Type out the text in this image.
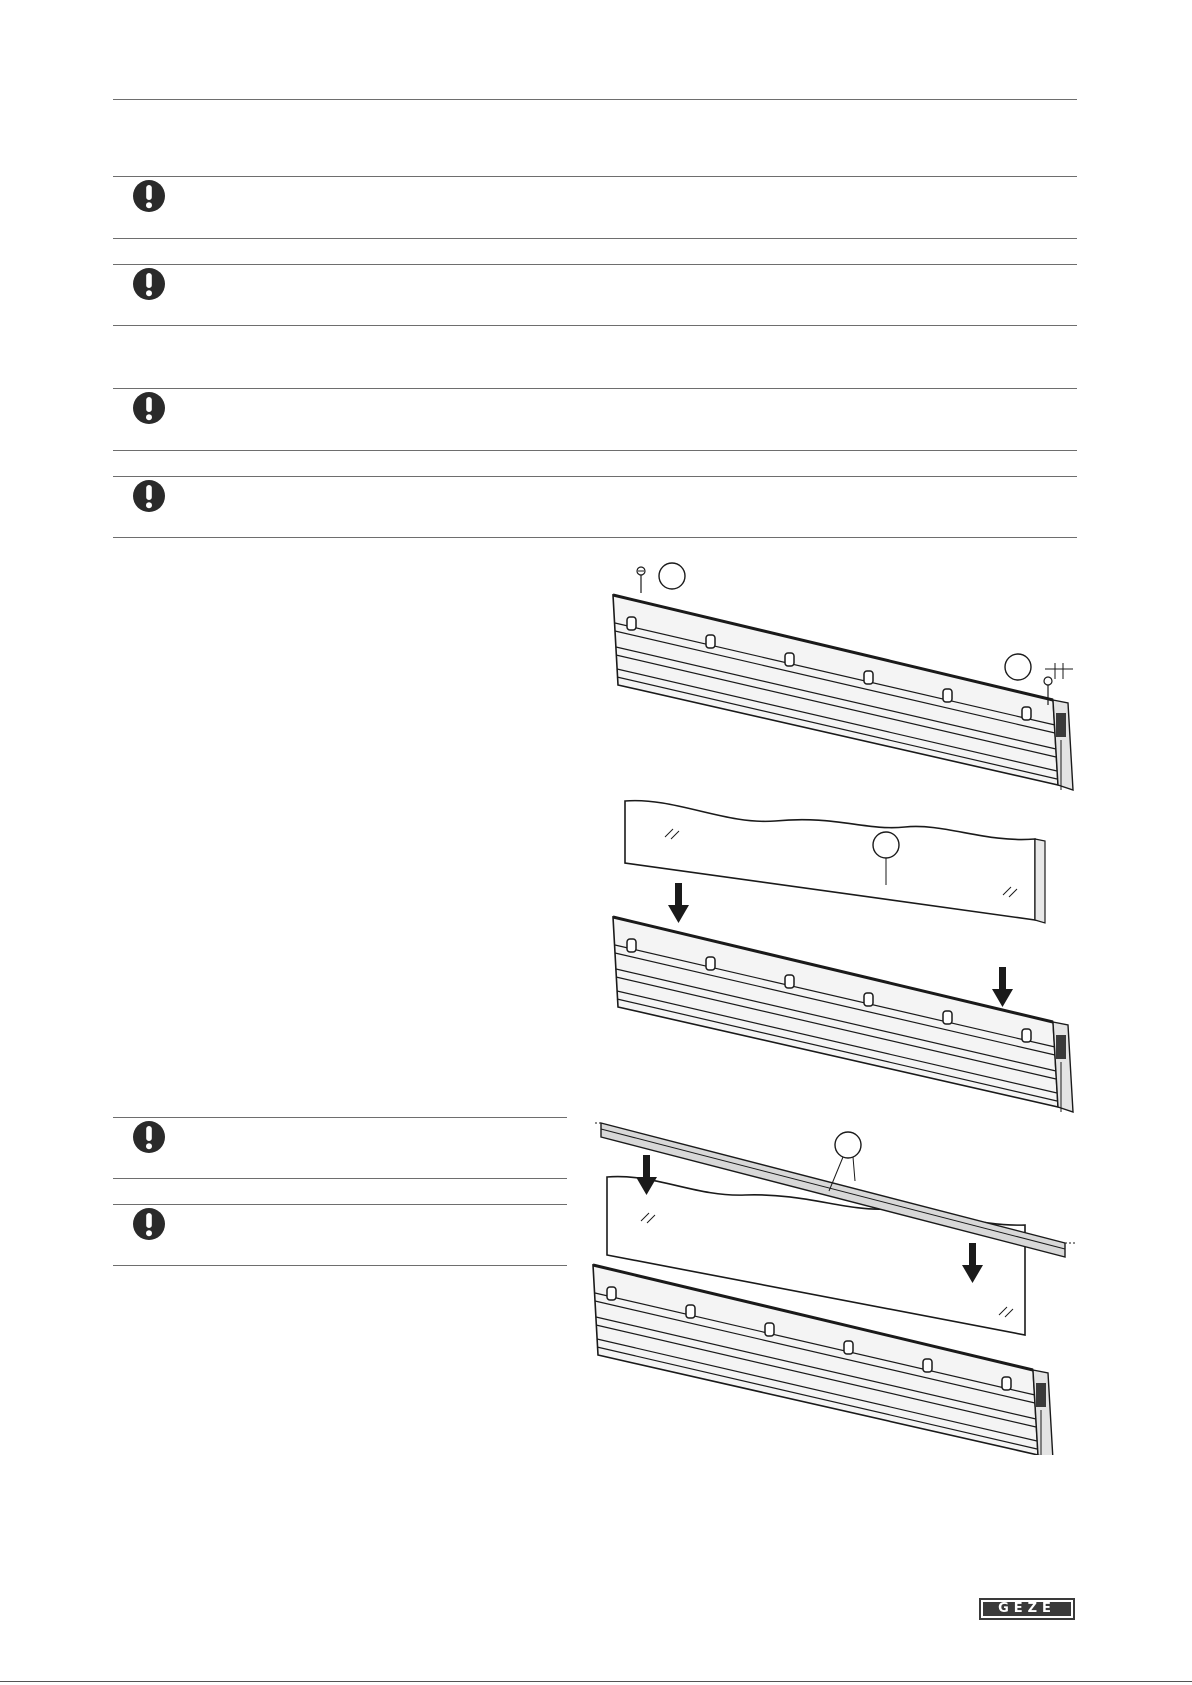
GEZE
